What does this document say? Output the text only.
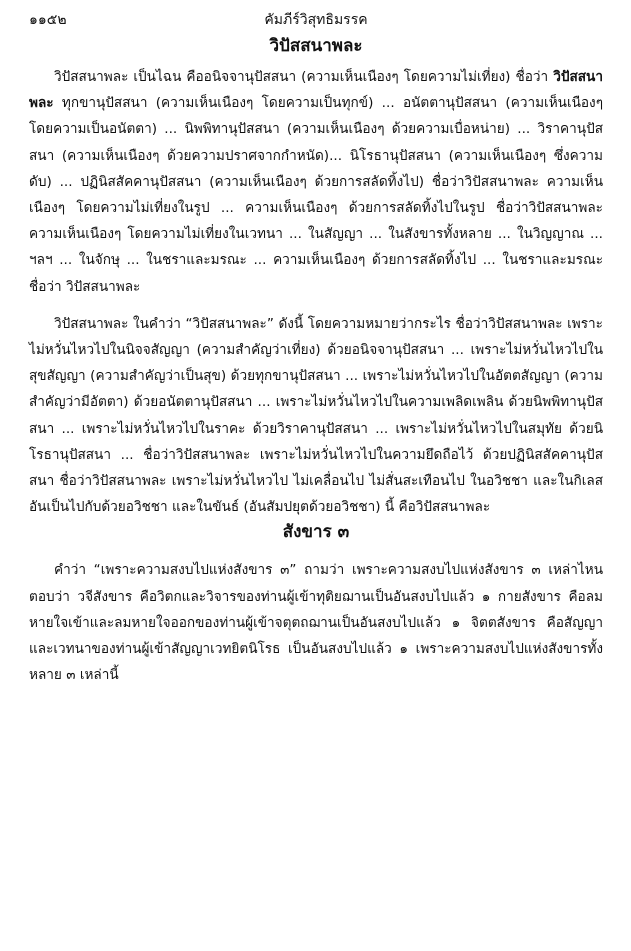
๑๑๕๒	คัมภีร์วิสุทธิมรรค
วิปัสสนาพละ

วิปัสสนาพละ เป็นไฉน คืออนิจจานุปัสสนา (ความเห็นเนืองๆ โดยความไม่เที่ยง) ชื่อว่า วิปัสสนาพละ ทุกขานุปัสสนา (ความเห็นเนืองๆ โดยความเป็นทุกข์) ... อนัตตานุปัสสนา (ความเห็นเนืองๆ โดยความเป็นอนัตตา) ... นิพพิทานุปัสสนา (ความเห็นเนืองๆ ด้วยความเบื่อหน่าย) ... วิราคานุปัสสนา (ความเห็นเนืองๆ ด้วยความปราศจากกำหนัด)... นิโรธานุปัสสนา (ความเห็นเนืองๆ ซึ่งความดับ) ... ปฏินิสสัคคานุปัสสนา (ความเห็นเนืองๆ ด้วยการสลัดทิ้งไป) ชื่อว่าวิปัสสนาพละ ความเห็นเนืองๆ โดยความไม่เที่ยงในรูป ... ความเห็นเนืองๆ ด้วยการสลัดทิ้งไปในรูป ชื่อว่าวิปัสสนาพละ ความเห็นเนืองๆ โดยความไม่เที่ยงในเวทนา ... ในสัญญา ... ในสังขารทั้งหลาย ... ในวิญญาณ ... ฯลฯ ... ในจักษุ ... ในชราและมรณะ ... ความเห็นเนืองๆ ด้วยการสลัดทิ้งไป ... ในชราและมรณะ ชื่อว่า วิปัสสนาพละ

วิปัสสนาพละ ในคำว่า “วิปัสสนาพละ” ดังนี้ โดยความหมายว่ากระไร ชื่อว่าวิปัสสนาพละ เพราะไม่หวั่นไหวไปในนิจจสัญญา (ความสำคัญว่าเที่ยง) ด้วยอนิจจานุปัสสนา ... เพราะไม่หวั่นไหวไปในสุขสัญญา (ความสำคัญว่าเป็นสุข) ด้วยทุกขานุปัสสนา ... เพราะไม่หวั่นไหวไปในอัตตสัญญา (ความสำคัญว่ามีอัตตา) ด้วยอนัตตานุปัสสนา ... เพราะไม่หวั่นไหวไปในความเพลิดเพลิน ด้วยนิพพิทานุปัสสนา ... เพราะไม่หวั่นไหวไปในราคะ ด้วยวิราคานุปัสสนา ... เพราะไม่หวั่นไหวไปในสมุทัย ด้วยนิโรธานุปัสสนา ... ชื่อว่าวิปัสสนาพละ เพราะไม่หวั่นไหวไปในความยึดถือไว้ ด้วยปฏินิสสัคคานุปัสสนา ชื่อว่าวิปัสสนาพละ เพราะไม่หวั่นไหวไป ไม่เคลื่อนไป ไม่สั่นสะเทือนไป ในอวิชชา และในกิเลสอันเป็นไปกับด้วยอวิชชา และในขันธ์ (อันสัมปยุตด้วยอวิชชา) นี้ คือวิปัสสนาพละ

สังขาร ๓

คำว่า “เพราะความสงบไปแห่งสังขาร ๓” ถามว่า เพราะความสงบไปแห่งสังขาร ๓ เหล่าไหน ตอบว่า วจีสังขาร คือวิตกและวิจารของท่านผู้เข้าทุติยฌานเป็นอันสงบไปแล้ว ๑ กายสังขาร คือลมหายใจเข้าและลมหายใจออกของท่านผู้เข้าจตุตถฌานเป็นอันสงบไปแล้ว ๑ จิตตสังขาร คือสัญญาและเวทนาของท่านผู้เข้าสัญญาเวทยิตนิโรธ เป็นอันสงบไปแล้ว ๑ เพราะความสงบไปแห่งสังขารทั้งหลาย ๓ เหล่านี้
